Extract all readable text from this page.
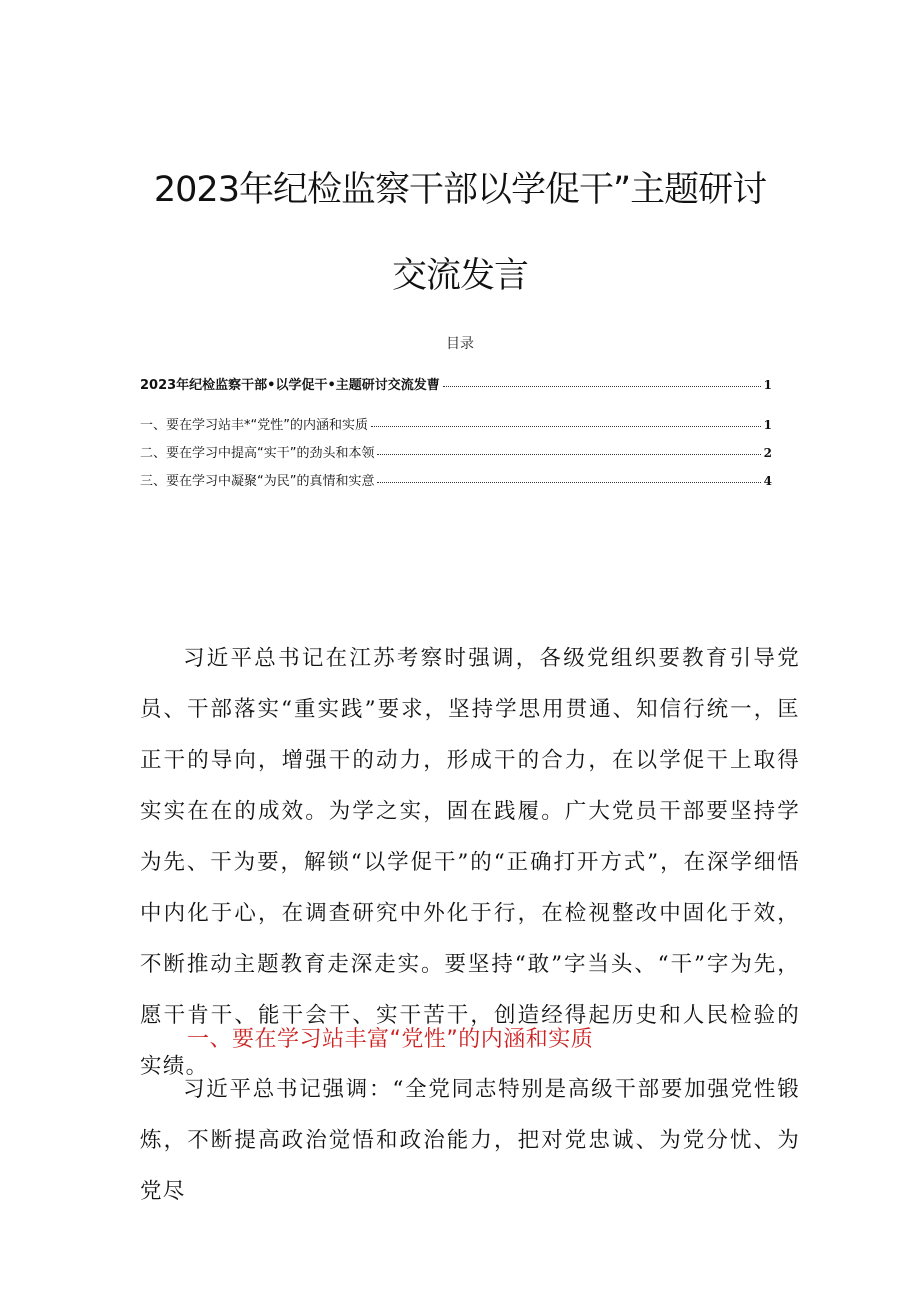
2023年纪检监察干部以学促干”主题研讨
交流发言
目录
2023年纪检监察干部•以学促干•主题研讨交流发曹	1
一、要在学习站丰*“党性”的内涵和实质	1
二、要在学习中提高“实干”的劲头和本领	2
三、要在学习中凝聚“为民”的真情和实意	4

习近平总书记在江苏考察时强调，各级党组织要教育引导党员、干部落实“重实践”要求，坚持学思用贯通、知信行统一，匡正干的导向，增强干的动力，形成干的合力，在以学促干上取得实实在在的成效。为学之实，固在践履。广大党员干部要坚持学为先、干为要，解锁“以学促干”的“正确打开方式”，在深学细悟中内化于心，在调查研究中外化于行，在检视整改中固化于效，不断推动主题教育走深走实。要坚持“敢”字当头、“干”字为先，愿干肯干、能干会干、实干苦干，创造经得起历史和人民检验的实绩。

一、要在学习站丰富“党性”的内涵和实质

习近平总书记强调：“全党同志特别是高级干部要加强党性锻炼，不断提高政治觉悟和政治能力，把对党忠诚、为党分忧、为党尽
